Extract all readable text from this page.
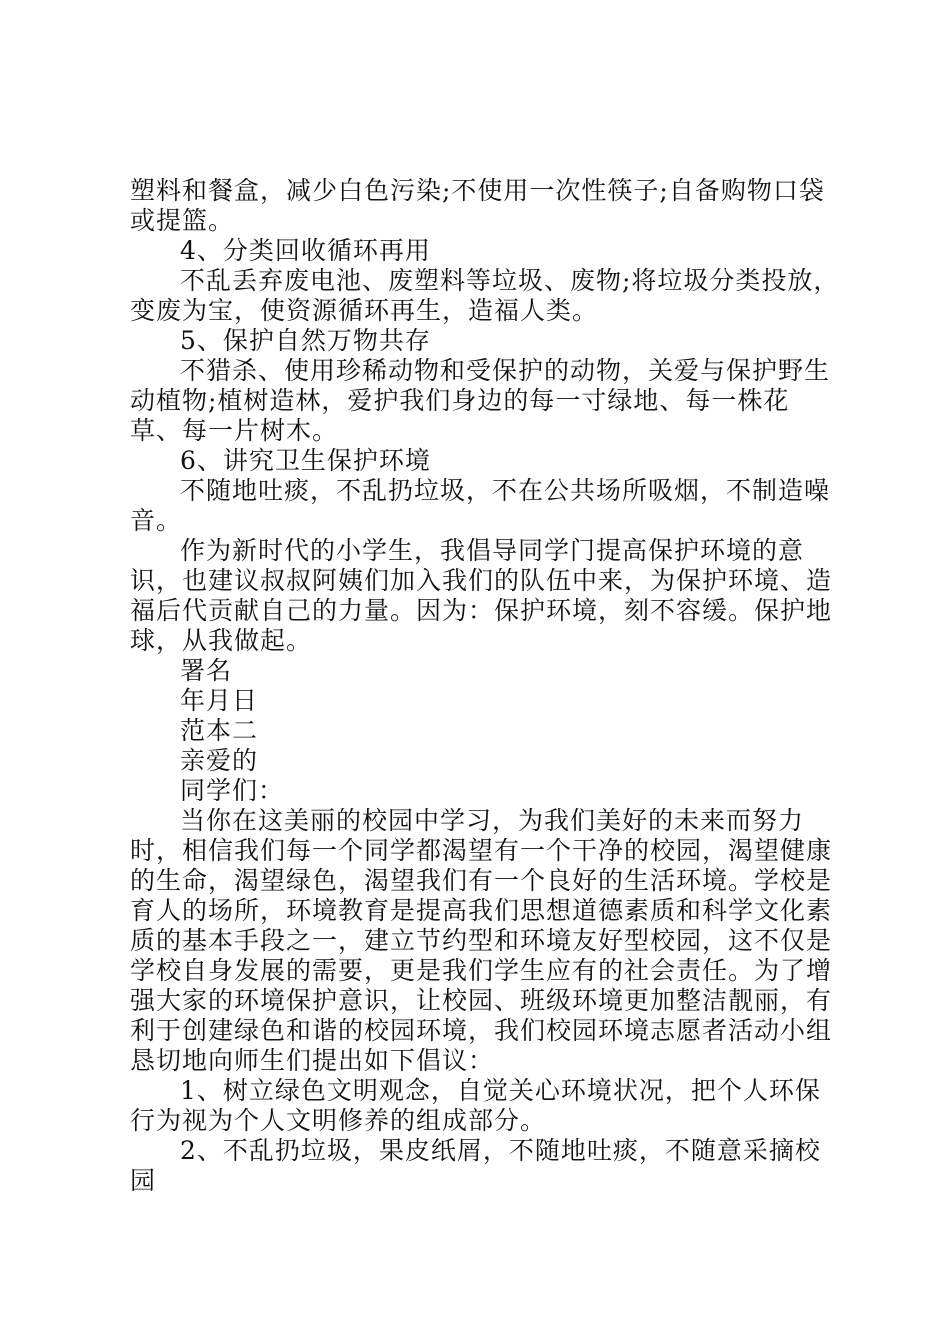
塑料和餐盒，减少白色污染;不使用一次性筷子;自备购物口袋或提篮。

4、分类回收循环再用

不乱丢弃废电池、废塑料等垃圾、废物;将垃圾分类投放，变废为宝，使资源循环再生，造福人类。

5、保护自然万物共存

不猎杀、使用珍稀动物和受保护的动物，关爱与保护野生动植物;植树造林，爱护我们身边的每一寸绿地、每一株花草、每一片树木。

6、讲究卫生保护环境

不随地吐痰，不乱扔垃圾，不在公共场所吸烟，不制造噪音。

作为新时代的小学生，我倡导同学门提高保护环境的意识，也建议叔叔阿姨们加入我们的队伍中来，为保护环境、造福后代贡献自己的力量。因为：保护环境，刻不容缓。保护地球，从我做起。

署名

年月日

范本二

亲爱的

同学们：

当你在这美丽的校园中学习，为我们美好的未来而努力时，相信我们每一个同学都渴望有一个干净的校园，渴望健康的生命，渴望绿色，渴望我们有一个良好的生活环境。学校是育人的场所，环境教育是提高我们思想道德素质和科学文化素质的基本手段之一，建立节约型和环境友好型校园，这不仅是学校自身发展的需要，更是我们学生应有的社会责任。为了增强大家的环境保护意识，让校园、班级环境更加整洁靓丽，有利于创建绿色和谐的校园环境，我们校园环境志愿者活动小组恳切地向师生们提出如下倡议：

1、树立绿色文明观念，自觉关心环境状况，把个人环保行为视为个人文明修养的组成部分。

2、不乱扔垃圾，果皮纸屑，不随地吐痰，不随意采摘校园
